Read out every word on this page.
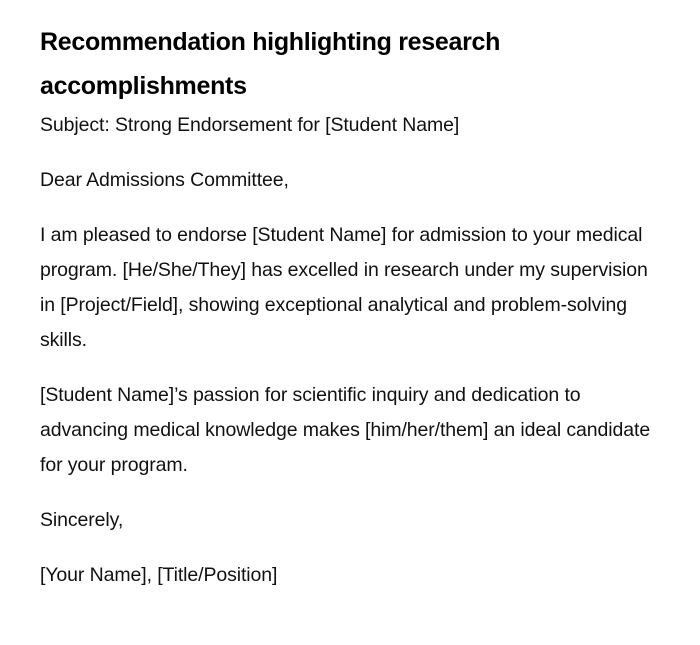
Recommendation highlighting research accomplishments

Subject: Strong Endorsement for [Student Name]

Dear Admissions Committee,

I am pleased to endorse [Student Name] for admission to your medical program. [He/She/They] has excelled in research under my supervision in [Project/Field], showing exceptional analytical and problem-solving skills.

[Student Name]’s passion for scientific inquiry and dedication to advancing medical knowledge makes [him/her/them] an ideal candidate for your program.

Sincerely,

[Your Name], [Title/Position]
